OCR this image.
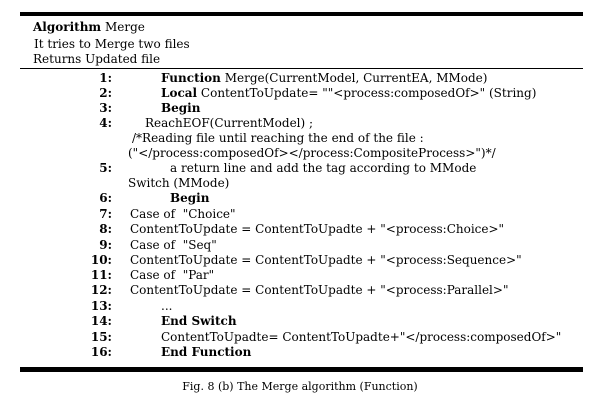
Algorithm Merge
It tries to Merge two files
Returns Updated file
1:	Function Merge(CurrentModel, CurrentEA, MMode)
2:	Local ContentToUpdate= ""<process:composedOf>" (String)
3:	Begin
4:	ReachEOF(CurrentModel) ;
/*Reading file until reaching the end of the file :
("</process:composedOf></process:CompositeProcess>")*/
5:	a return line and add the tag according to MMode
Switch (MMode)
6:	Begin
7: Case of  "Choice"
8: ContentToUpdate = ContentToUpadte + "<process:Choice>"
9: Case of  "Seq"
10: ContentToUpdate = ContentToUpadte + "<process:Sequence>"
11: Case of  "Par"
12: ContentToUpdate = ContentToUpadte + "<process:Parallel>"
13:	...
14:	End Switch
15:	ContentToUpadte= ContentToUpadte+"</process:composedOf>"
16:	End Function
Fig. 8 (b) The Merge algorithm (Function)
